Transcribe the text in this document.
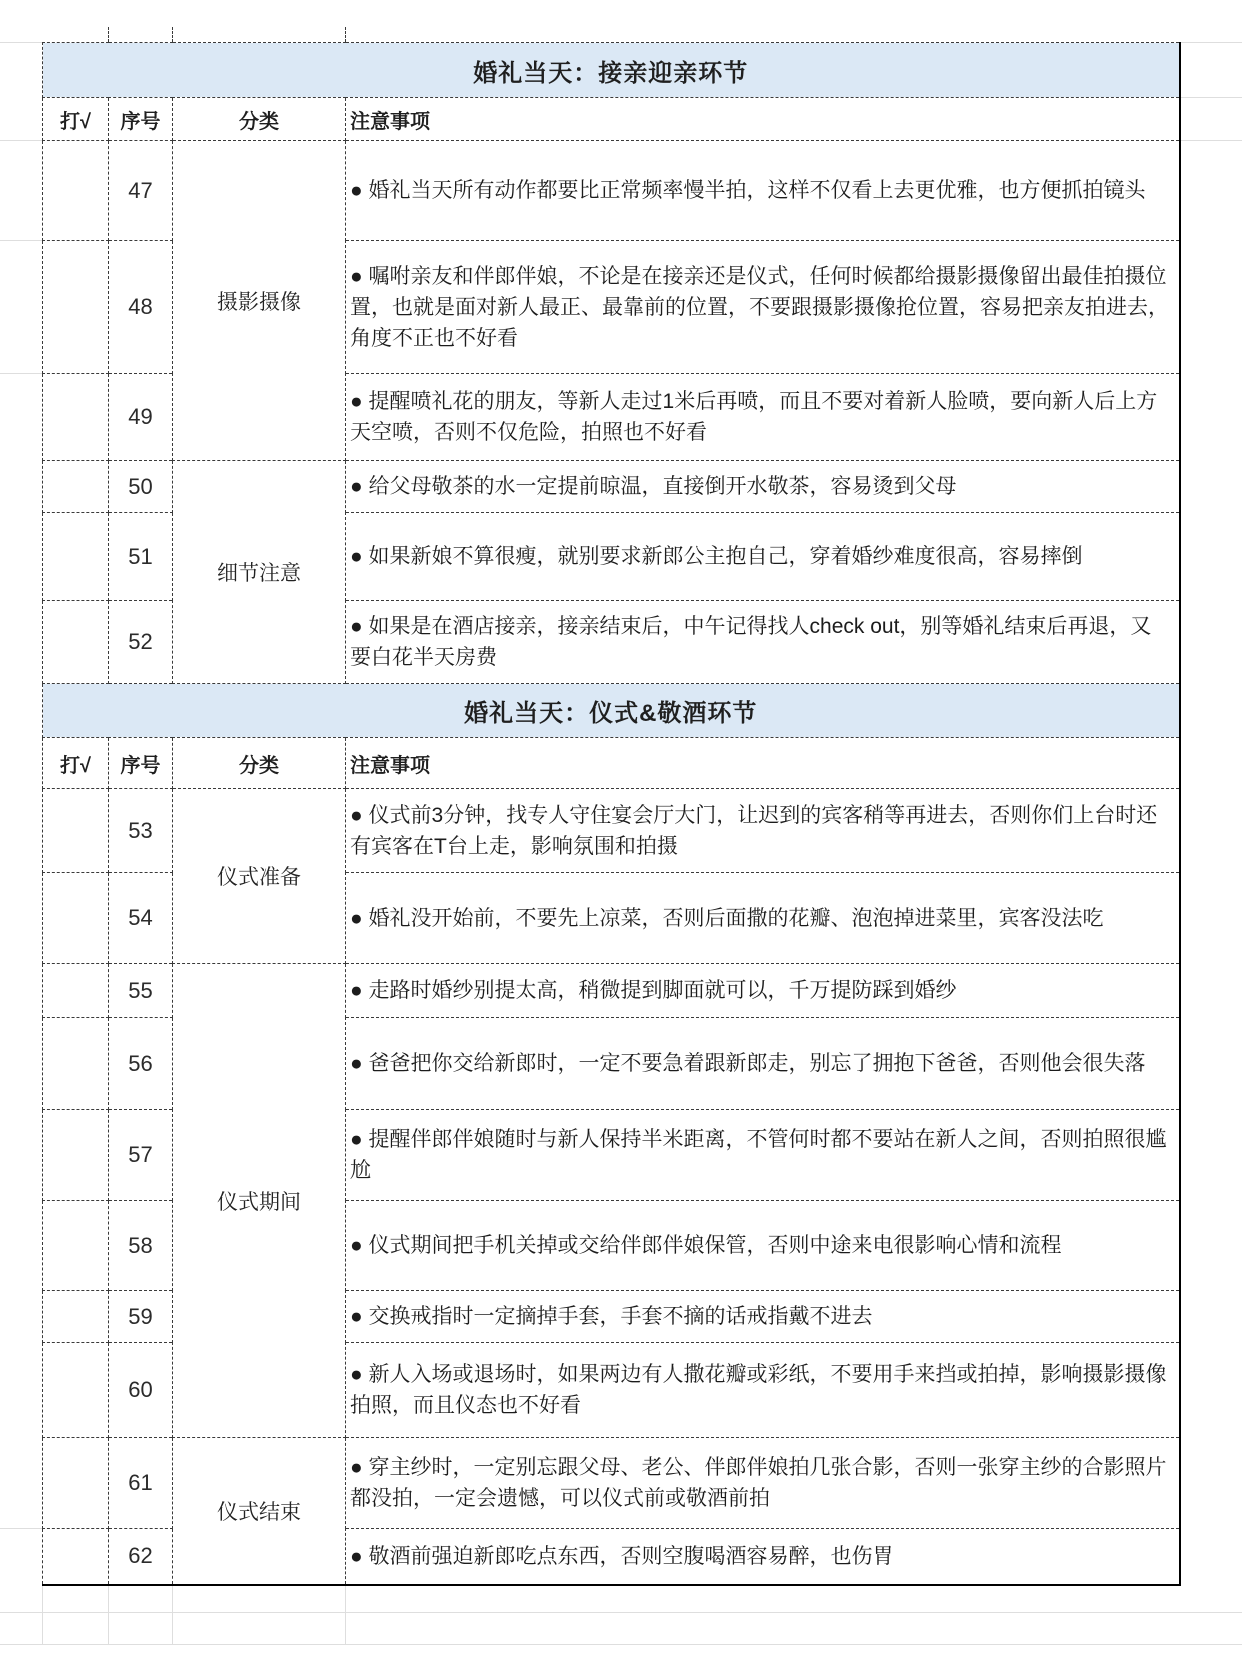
婚礼当天：接亲迎亲环节			
打√	序号	分类	注意事项
	47	摄影摄像	● 婚礼当天所有动作都要比正常频率慢半拍，这样不仅看上去更优雅，也方便抓拍镜头
	48		● 嘱咐亲友和伴郎伴娘，不论是在接亲还是仪式，任何时候都给摄影摄像留出最佳拍摄位置，也就是面对新人最正、最靠前的位置，不要跟摄影摄像抢位置，容易把亲友拍进去，角度不正也不好看
	49		● 提醒喷礼花的朋友，等新人走过1米后再喷，而且不要对着新人脸喷，要向新人后上方天空喷，否则不仅危险，拍照也不好看
	50	细节注意	● 给父母敬茶的水一定提前晾温，直接倒开水敬茶，容易烫到父母
	51		● 如果新娘不算很瘦，就别要求新郎公主抱自己，穿着婚纱难度很高，容易摔倒
	52		● 如果是在酒店接亲，接亲结束后，中午记得找人check out，别等婚礼结束后再退，又要白花半天房费
婚礼当天：仪式&敬酒环节			
打√	序号	分类	注意事项
	53	仪式准备	● 仪式前3分钟，找专人守住宴会厅大门，让迟到的宾客稍等再进去，否则你们上台时还有宾客在T台上走，影响氛围和拍摄
	54		● 婚礼没开始前，不要先上凉菜，否则后面撒的花瓣、泡泡掉进菜里，宾客没法吃
	55	仪式期间	● 走路时婚纱别提太高，稍微提到脚面就可以，千万提防踩到婚纱
	56		● 爸爸把你交给新郎时，一定不要急着跟新郎走，别忘了拥抱下爸爸，否则他会很失落
	57		● 提醒伴郎伴娘随时与新人保持半米距离，不管何时都不要站在新人之间，否则拍照很尴尬
	58		● 仪式期间把手机关掉或交给伴郎伴娘保管，否则中途来电很影响心情和流程
	59		● 交换戒指时一定摘掉手套，手套不摘的话戒指戴不进去
	60		● 新人入场或退场时，如果两边有人撒花瓣或彩纸，不要用手来挡或拍掉，影响摄影摄像拍照，而且仪态也不好看
	61	仪式结束	● 穿主纱时，一定别忘跟父母、老公、伴郎伴娘拍几张合影，否则一张穿主纱的合影照片都没拍，一定会遗憾，可以仪式前或敬酒前拍
	62		● 敬酒前强迫新郎吃点东西，否则空腹喝酒容易醉，也伤胃
